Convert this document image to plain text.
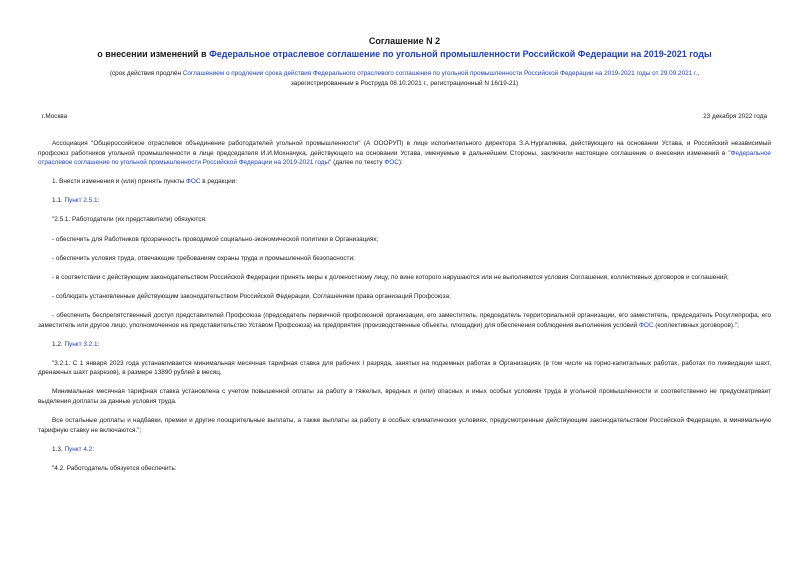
Соглашение N 2
о внесении изменений в Федеральное отраслевое соглашение по угольной промышленности Российской Федерации на 2019-2021 годы
(срок действия продлён Соглашением о продлении срока действия Федерального отраслевого соглашения по угольной промышленности Российской Федерации на 2019-2021 годы от 29.09.2021 г.,
зарегистрированным в Роструда 08.10.2021 г., регистрационный N 16/19-21)
г.Москва	23 декабря 2022 года

Ассоциация "Общероссийское отраслевое объединение работодателей угольной промышленности" (А ОООРУП) в лице исполнительного директора З.А.Нургалиева, действующего на основании Устава, и Российский независимый профсоюз работников угольной промышленности в лице председателя И.И.Мохначука, действующего на основании Устава, именуемые в дальнейшем Стороны, заключили настоящее соглашение о внесении изменений в "Федеральное отраслевое соглашение по угольной промышленности Российской Федерации на 2019-2021 годы" (далее по тексту ФОС):

1. Внести изменения и (или) принять пункты ФОС в редакции:

1.1. Пункт 2.5.1:

"2.5.1. Работодатели (их представители) обязуются:

- обеспечить для Работников прозрачность проводимой социально-экономической политики в Организациях;

- обеспечить условия труда, отвечающие требованиям охраны труда и промышленной безопасности;

- в соответствии с действующим законодательством Российской Федерации принять меры к должностному лицу, по вине которого нарушаются или не выполняются условия Соглашения, коллективных договоров и соглашений;

- соблюдать установленные действующим законодательством Российской Федерации, Соглашением права организаций Профсоюза;

- обеспечить беспрепятственный доступ представителей Профсоюза (председатель первичной профсоюзной организации, его заместитель, председатель территориальной организации, его заместитель, председатель Росуглепрофа, его заместитель или другое лицо, уполномоченное на представительство Уставом Профсоюза) на предприятия (производственные объекты, площадки) для обеспечения соблюдения выполнения условий ФОС (коллективных договоров).";

1.2. Пункт 3.2.1:

"3.2.1. С 1 января 2023 года устанавливается минимальная месячная тарифная ставка для рабочих I разряда, занятых на подземных работах в Организациях (в том числе на горно-капитальных работах, работах по ликвидации шахт, дренажных шахт разрезов), в размере 13890 рублей в месяц.

Минимальная месячная тарифная ставка установлена с учетом повышенной оплаты за работу в тяжелых, вредных и (или) опасных и иных особых условиях труда в угольной промышленности и соответственно не предусматривает выделения доплаты за данные условия труда.

Все остальные доплаты и надбавки, премии и другие поощрительные выплаты, а также выплаты за работу в особых климатических условиях, предусмотренные действующим законодательством Российской Федерации, в минимальную тарифную ставку не включаются.";

1.3. Пункт 4.2:

"4.2. Работодатель обязуется обеспечить:
